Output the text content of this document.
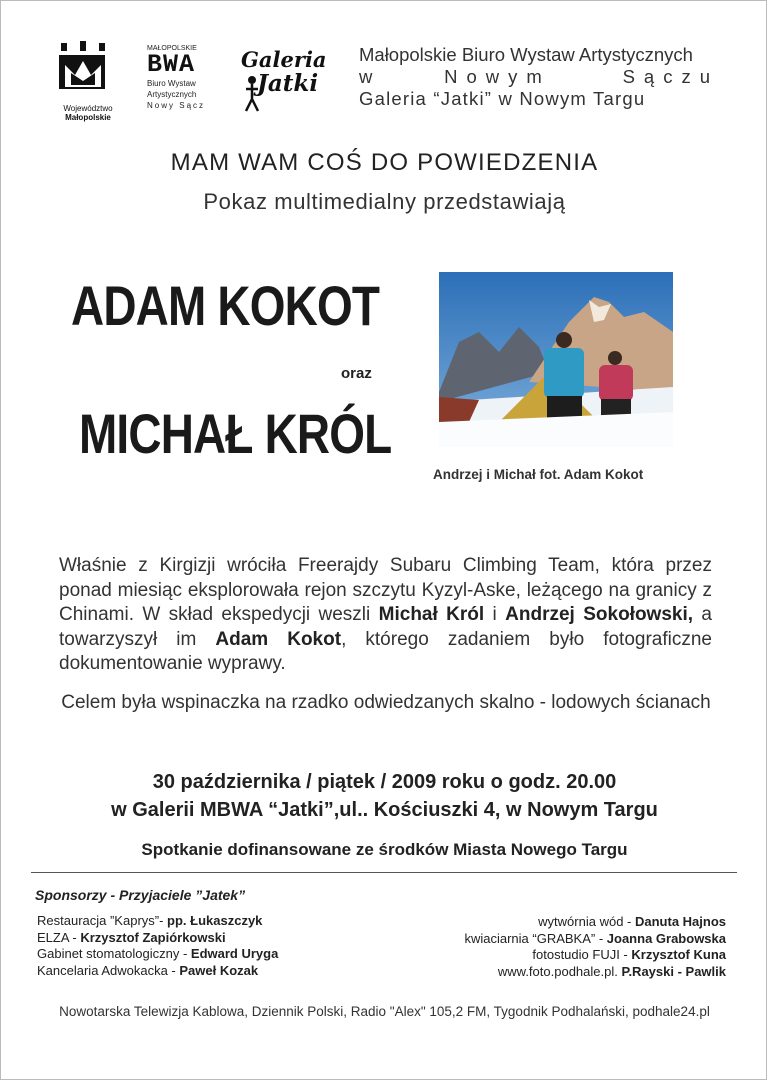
Województwo
Małopolskie
MAŁOPOLSKIE
BWA
Biuro Wystaw
Artystycznych
Nowy Sącz
Galeria
Jatki
Małopolskie Biuro Wystaw Artystycznych
w	Nowym	Sączu
Galeria “Jatki” w Nowym Targu
MAM WAM COŚ DO POWIEDZENIA
Pokaz multimedialny przedstawiają
ADAM KOKOT
oraz
MICHAŁ KRÓL
Andrzej i Michał fot. Adam Kokot
Właśnie z Kirgizji wróciła Freerajdy Subaru Climbing Team, która przez ponad miesiąc eksplorowała rejon szczytu Kyzyl-Aske, leżącego na granicy z Chinami. W skład ekspedycji weszli Michał Król i Andrzej Sokołowski, a towarzyszył im Adam Kokot, którego zadaniem było fotograficzne dokumentowanie wyprawy.
Celem była wspinaczka na rzadko odwiedzanych skalno - lodowych ścianach
30 października / piątek / 2009 roku o godz. 20.00
w Galerii MBWA “Jatki”,ul.. Kościuszki 4, w Nowym Targu
Spotkanie dofinansowane ze środków Miasta Nowego Targu
Sponsorzy - Przyjaciele ”Jatek”
Restauracja ”Kaprys”- pp. Łukaszczyk
ELZA - Krzysztof Zapiórkowski
Gabinet stomatologiczny - Edward Uryga
Kancelaria Adwokacka - Paweł Kozak
wytwórnia wód - Danuta Hajnos
kwiaciarnia “GRABKA” - Joanna Grabowska
fotostudio FUJI - Krzysztof Kuna
www.foto.podhale.pl. P.Rayski - Pawlik
Nowotarska Telewizja Kablowa, Dziennik Polski, Radio "Alex" 105,2 FM, Tygodnik Podhalański, podhale24.pl
